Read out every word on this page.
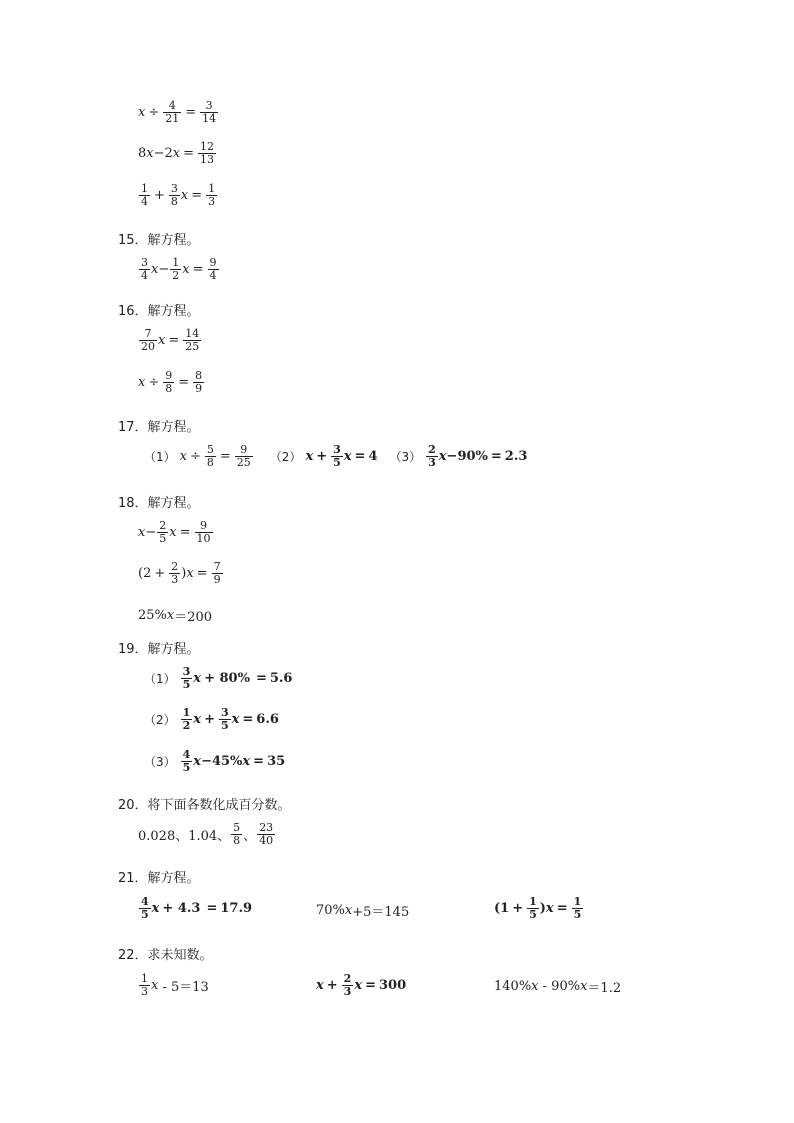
$x \div \frac{4}{21} = \frac{3}{14}$
8 x −2 $x = \frac{12}{13}$
$\frac{1}{4} + \frac{3}{8}$ $x = \frac{1}{3}$
15．解方程。
$\frac{3}{4}$ $x - \frac{1}{2}$ $x = \frac{9}{4}$
16．解方程。
$\frac{7}{20}$ $x = \frac{14}{25}$
$x \div \frac{9}{8} = \frac{8}{9}$
17．解方程。
（1） $x \div \frac{5}{8} = \frac{9}{25} (2) x + \frac{3}{5}$ x = 4 $(3) \frac{2}{3}$ x −90% = 2.3
18．解方程。
$x - \frac{2}{5}$ $x = \frac{9}{10}$
($2 + \frac{2}{3}$ ) $x = \frac{7}{9}$
25% x ＝200
19．解方程。
$(1) \frac{3}{5}$ x + 80% = 5.6
$(2) \frac{1}{2}$ $x + \frac{3}{5}$ x = 6.6
$(3) \frac{4}{5}$ x −45% x = 35
20．将下面各数化成百分数。
0.028、1.04、 $\frac{5}{8}$ 、 $\frac{23}{40}$
21．解方程。
$\frac{4}{5}$ x + 4.3 = 17.9	70% x +5＝145	($1 + \frac{1}{5}$ ) $x = \frac{1}{5}$
22．求未知数。
$\frac{1}{3}$ x - 5＝13	$x + \frac{2}{3}$ x = 300	140% x - 90% x ＝1.2
